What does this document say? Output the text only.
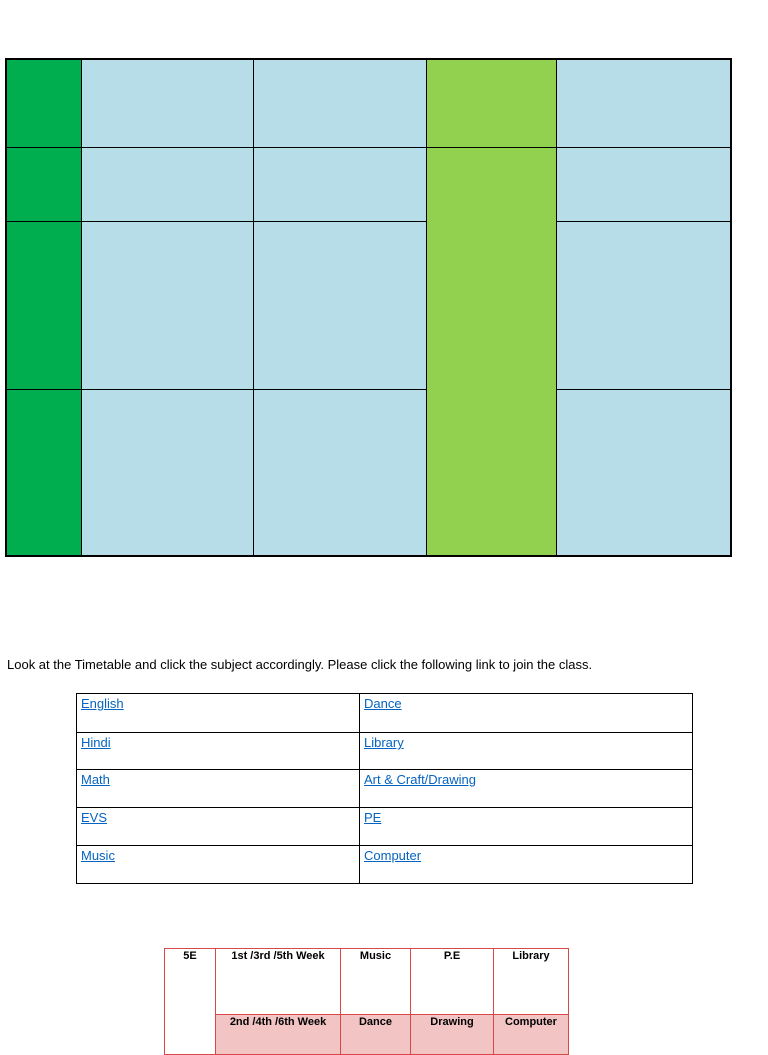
Look at the Timetable and click the subject accordingly. Please click the following link to join the class.
English	Dance
Hindi	Library
Math	Art & Craft/Drawing
EVS	PE
Music	Computer
5E	1st /3rd /5th Week	Music	P.E	Library
	2nd /4th /6th Week	Dance	Drawing	Computer
